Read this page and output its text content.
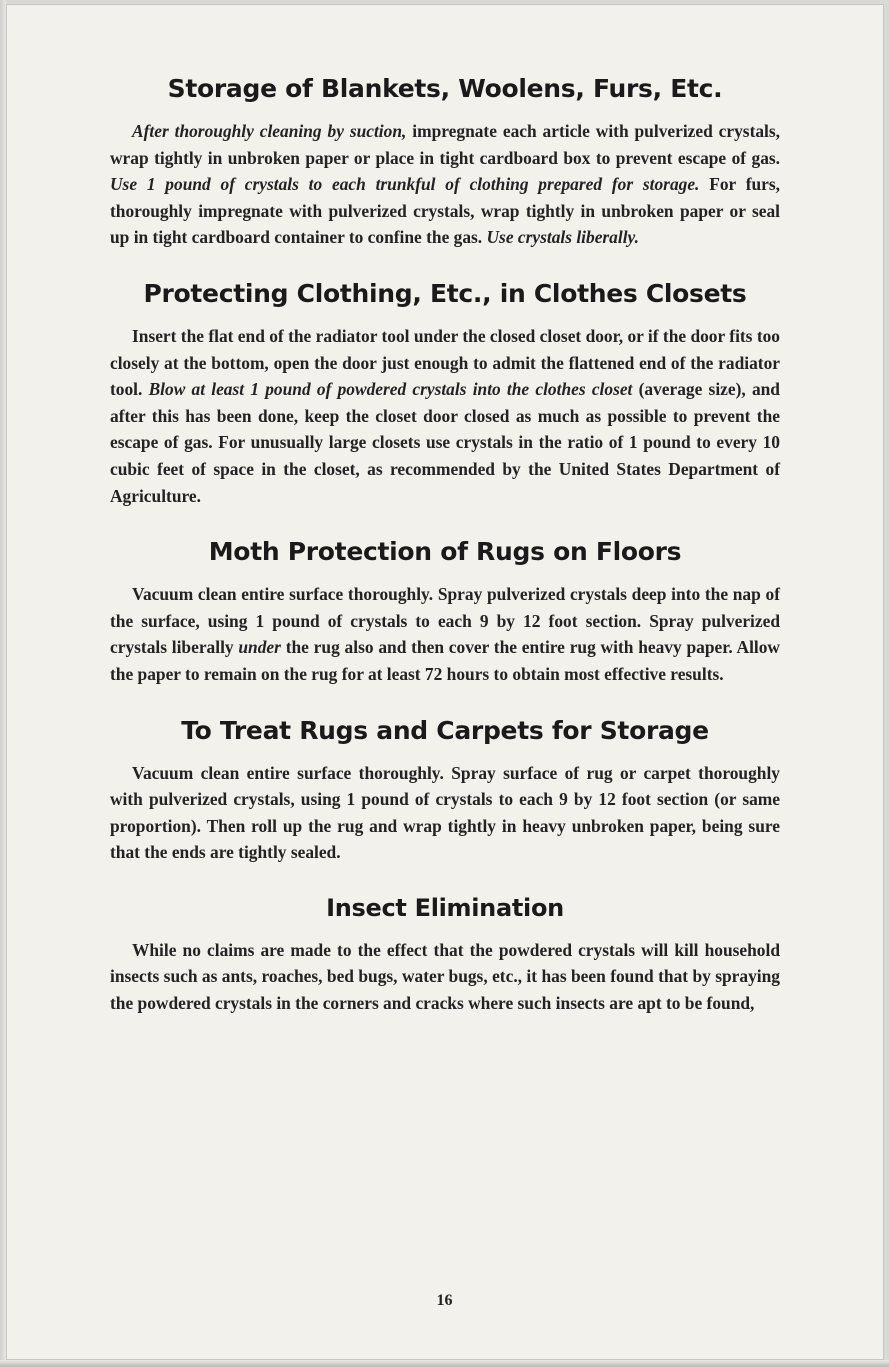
Storage of Blankets, Woolens, Furs, Etc.

After thoroughly cleaning by suction, impregnate each article with pulverized crystals, wrap tightly in unbroken paper or place in tight cardboard box to prevent escape of gas. Use 1 pound of crystals to each trunkful of clothing prepared for storage. For furs, thoroughly impregnate with pulverized crystals, wrap tightly in unbroken paper or seal up in tight cardboard container to confine the gas. Use crystals liberally.

Protecting Clothing, Etc., in Clothes Closets

Insert the flat end of the radiator tool under the closed closet door, or if the door fits too closely at the bottom, open the door just enough to admit the flattened end of the radiator tool. Blow at least 1 pound of powdered crystals into the clothes closet (average size), and after this has been done, keep the closet door closed as much as possible to prevent the escape of gas. For unusually large closets use crystals in the ratio of 1 pound to every 10 cubic feet of space in the closet, as recommended by the United States Department of Agriculture.

Moth Protection of Rugs on Floors

Vacuum clean entire surface thoroughly. Spray pulverized crystals deep into the nap of the surface, using 1 pound of crystals to each 9 by 12 foot section. Spray pulverized crystals liberally under the rug also and then cover the entire rug with heavy paper. Allow the paper to remain on the rug for at least 72 hours to obtain most effective results.

To Treat Rugs and Carpets for Storage

Vacuum clean entire surface thoroughly. Spray surface of rug or carpet thoroughly with pulverized crystals, using 1 pound of crystals to each 9 by 12 foot section (or same proportion). Then roll up the rug and wrap tightly in heavy unbroken paper, being sure that the ends are tightly sealed.

Insect Elimination

While no claims are made to the effect that the powdered crystals will kill household insects such as ants, roaches, bed bugs, water bugs, etc., it has been found that by spraying the powdered crystals in the corners and cracks where such insects are apt to be found,

16
